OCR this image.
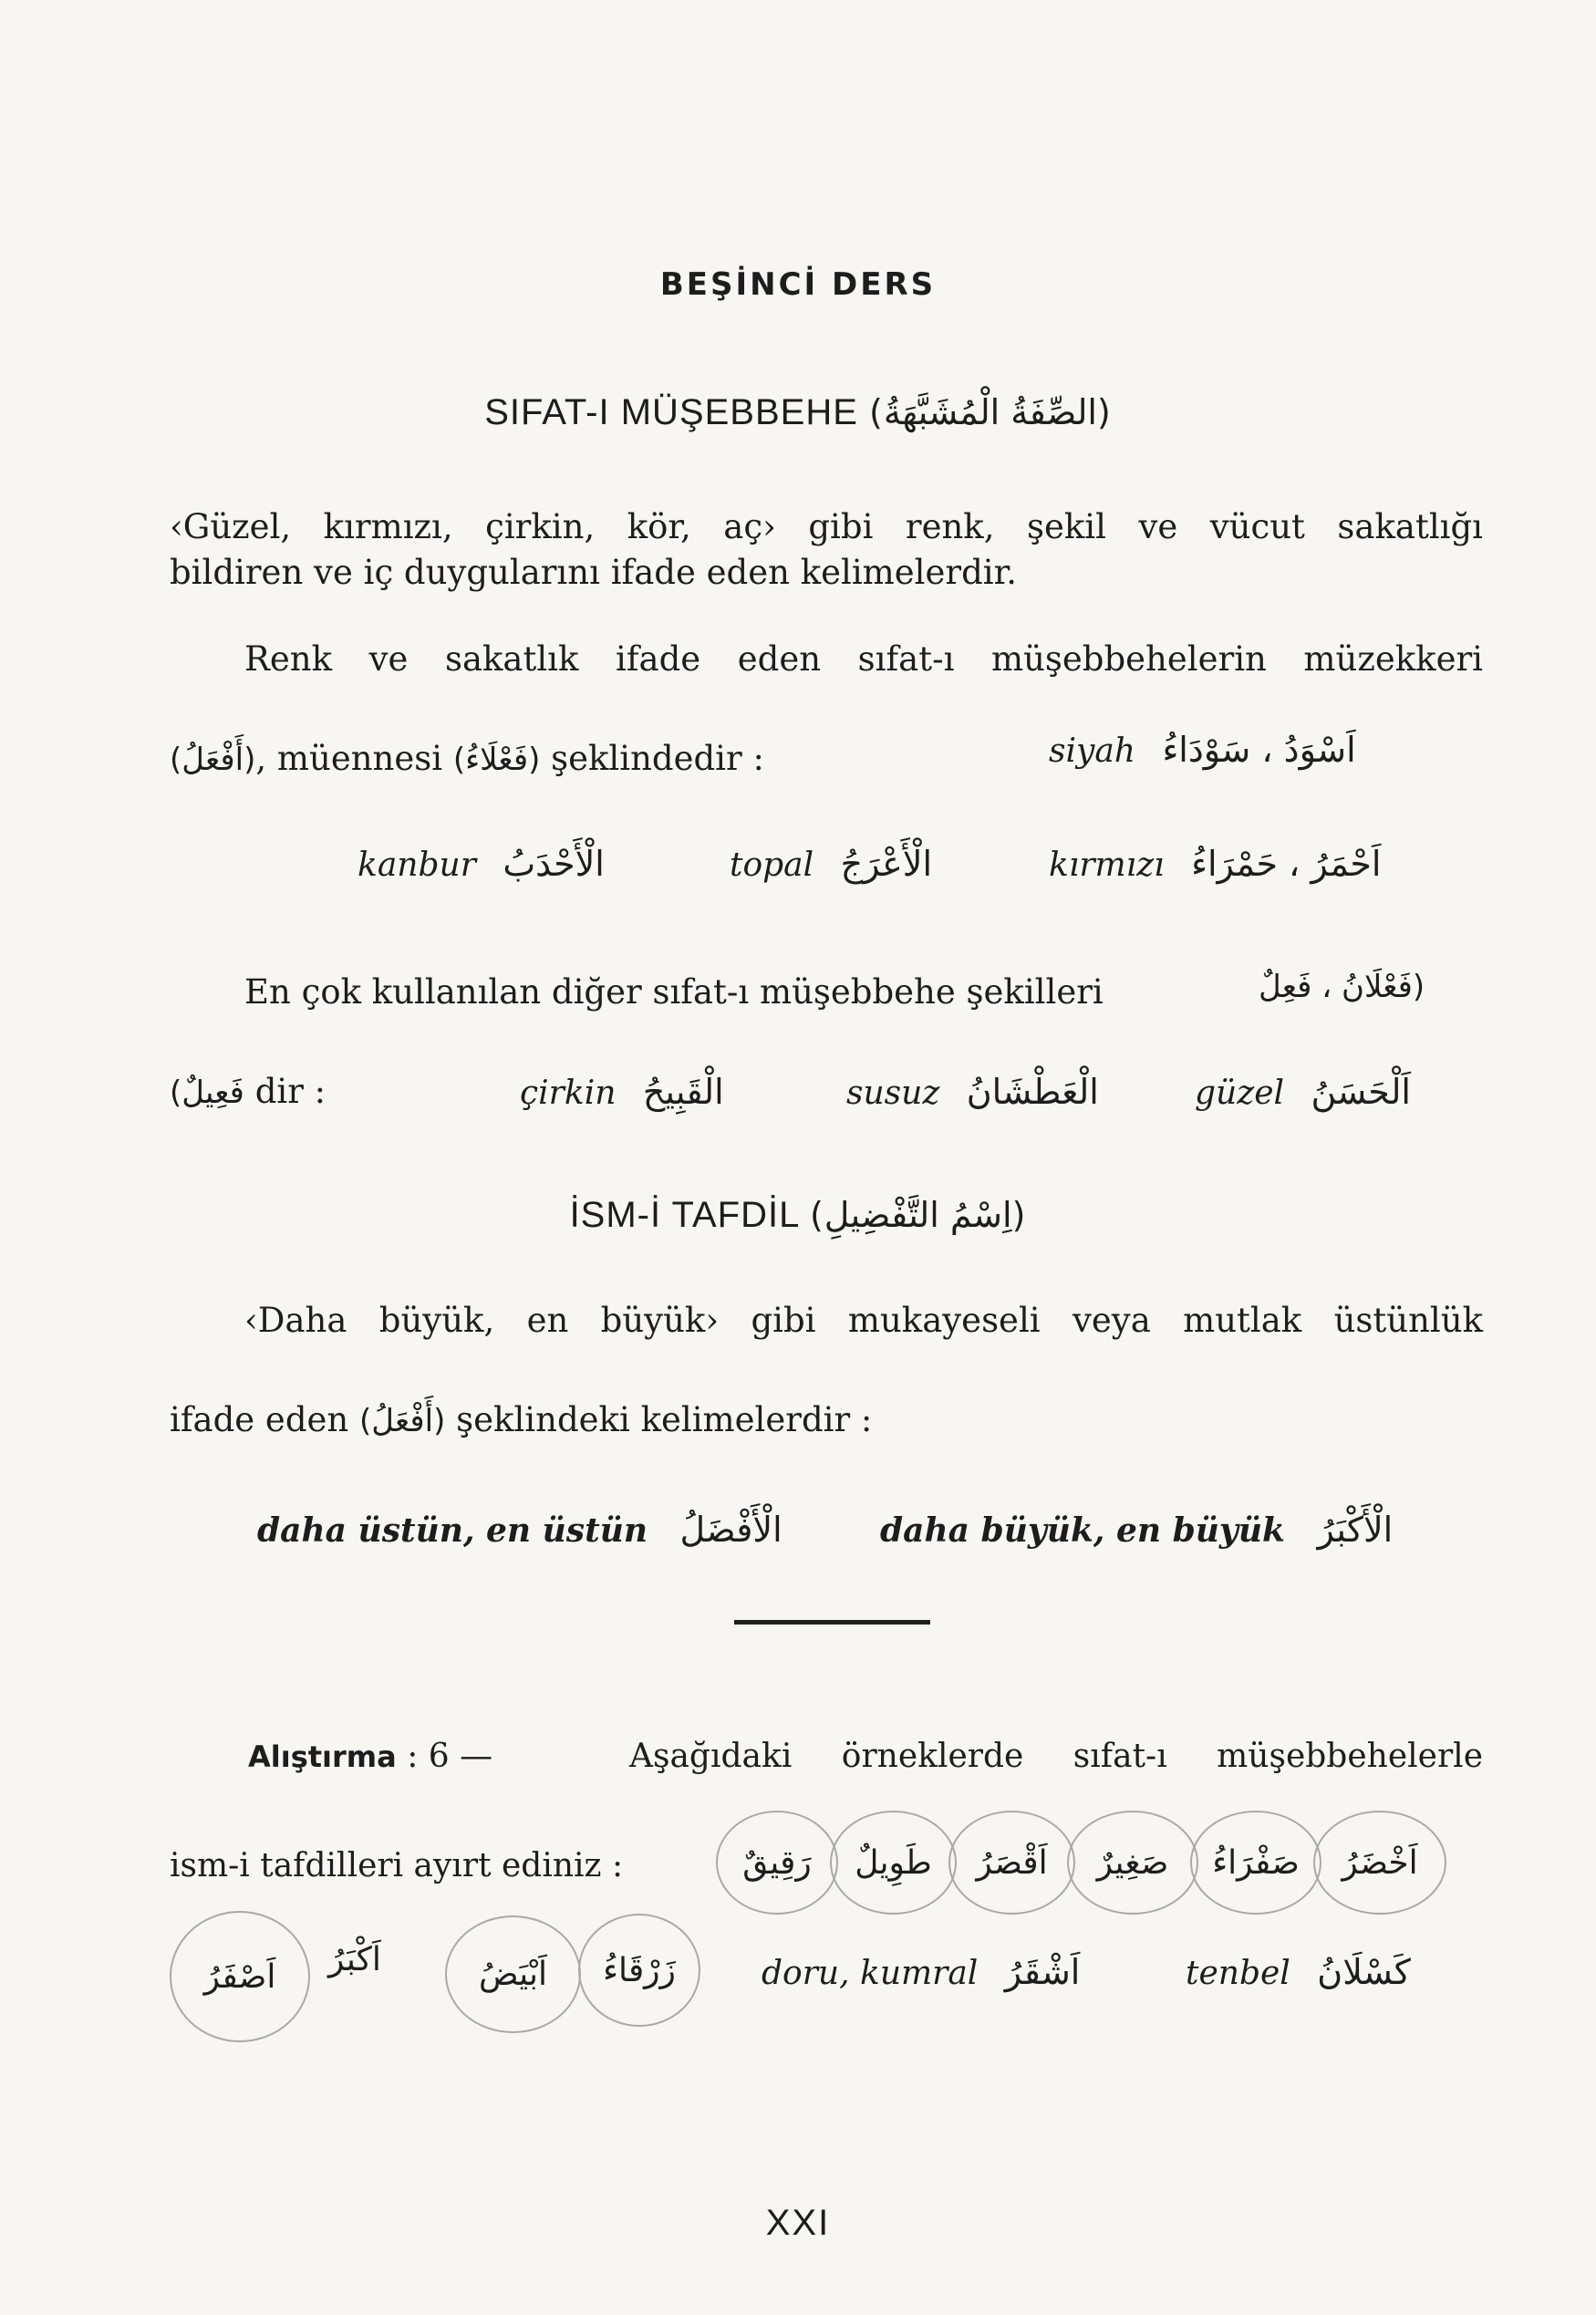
BEŞİNCİ DERS
SIFAT-I MÜŞEBBEHE (الصِّفَةُ الْمُشَبَّهَةُ)
‹Güzel, kırmızı, çirkin, kör, aç› gibi renk, şekil ve vücut sakatlığı
bildiren ve iç duygularını ifade eden kelimelerdir.
Renk ve sakatlık ifade eden sıfat-ı müşebbehelerin müzekkeri
(أَفْعَلُ), müennesi (فَعْلَاءُ) şeklindedir :	siyah اَسْوَدُ ، سَوْدَاءُ
kanbur الْأَحْدَبُ	topal الْأَعْرَجُ	kırmızı اَحْمَرُ ، حَمْرَاءُ
En çok kullanılan diğer sıfat-ı müşebbehe şekilleri	(فَعْلَانُ ، فَعِلٌ
فَعِيلٌ) dir :	çirkin الْقَبِيحُ	susuz الْعَطْشَانُ	güzel اَلْحَسَنُ
İSM-İ TAFDİL (اِسْمُ التَّفْضِيلِ)
‹Daha büyük, en büyük› gibi mukayeseli veya mutlak üstünlük
ifade eden (أَفْعَلُ) şeklindeki kelimelerdir :
daha üstün, en üstün الْأَفْضَلُ	daha büyük, en büyük الْأَكْبَرُ
Alıştırma : 6 —	Aşağıdaki örneklerde sıfat-ı müşebbehelerle
ism-i tafdilleri ayırt ediniz :	اَخْضَرُ
صَفْرَاءُ
صَغِيرٌ
اَقْصَرُ
طَوِيلٌ
رَقِيقٌ
اَصْفَرُ اَكْبَرُ	اَبْيَضُ زَرْقَاءُ	doru, kumral اَشْقَرُ	tenbel كَسْلَانُ
XXI
